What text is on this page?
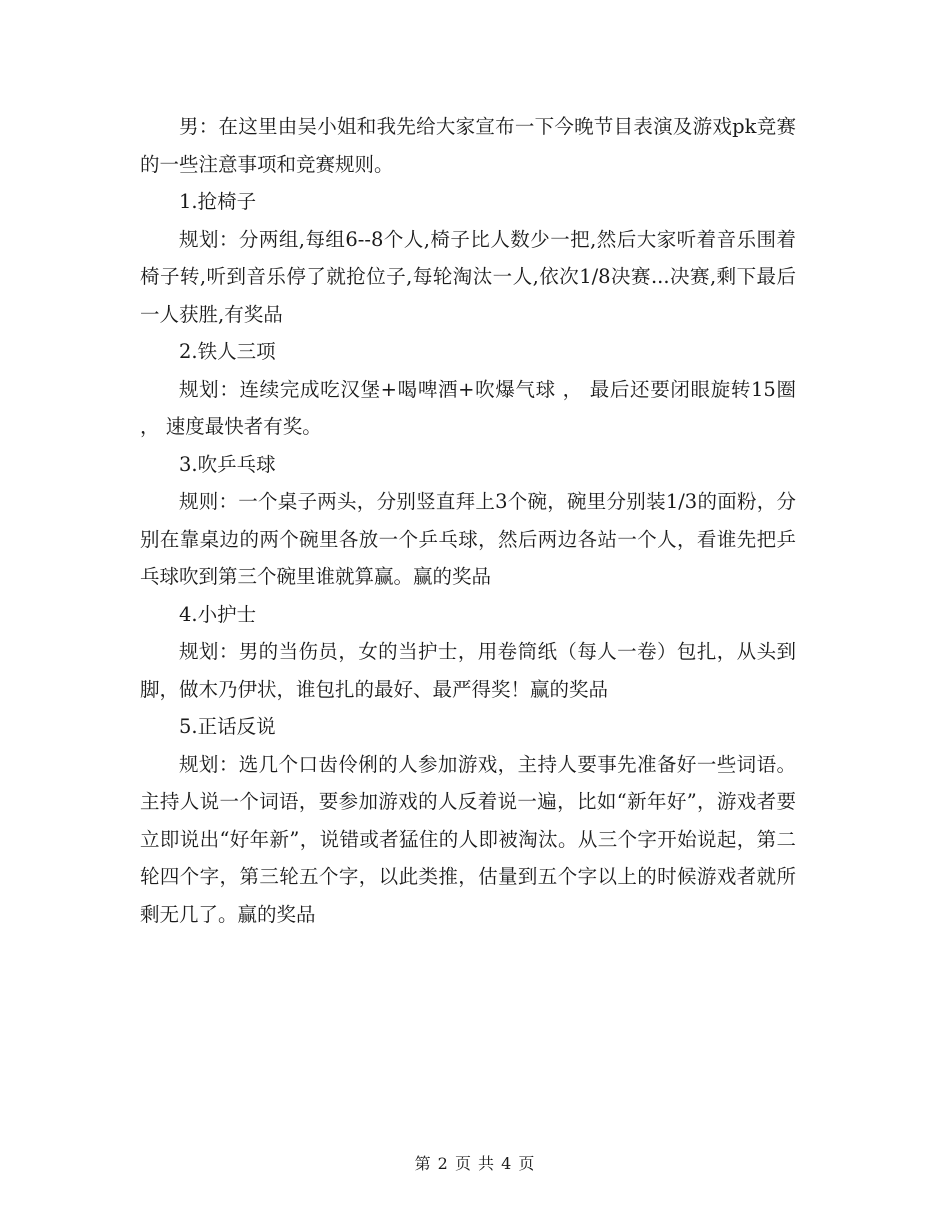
男：在这里由吴小姐和我先给大家宣布一下今晚节目表演及游戏pk竞赛的一些注意事项和竞赛规则。

1.抢椅子

规划：分两组,每组6--8个人,椅子比人数少一把,然后大家听着音乐围着椅子转,听到音乐停了就抢位子,每轮淘汰一人,依次1/8决赛...决赛,剩下最后一人获胜,有奖品

2.铁人三项

规划：连续完成吃汉堡+喝啤酒+吹爆气球 ， 最后还要闭眼旋转15圈 ， 速度最快者有奖。

3.吹乒乓球

规则：一个桌子两头，分别竖直拜上3个碗，碗里分别装1/3的面粉，分别在靠桌边的两个碗里各放一个乒乓球，然后两边各站一个人，看谁先把乒乓球吹到第三个碗里谁就算赢。赢的奖品

4.小护士

规划：男的当伤员，女的当护士，用卷筒纸（每人一卷）包扎，从头到脚，做木乃伊状，谁包扎的最好、最严得奖！赢的奖品

5.正话反说

规划：选几个口齿伶俐的人参加游戏，主持人要事先准备好一些词语。主持人说一个词语，要参加游戏的人反着说一遍，比如“新年好”，游戏者要立即说出“好年新”，说错或者猛住的人即被淘汰。从三个字开始说起，第二轮四个字，第三轮五个字，以此类推，估量到五个字以上的时候游戏者就所剩无几了。赢的奖品

第 2 页 共 4 页
